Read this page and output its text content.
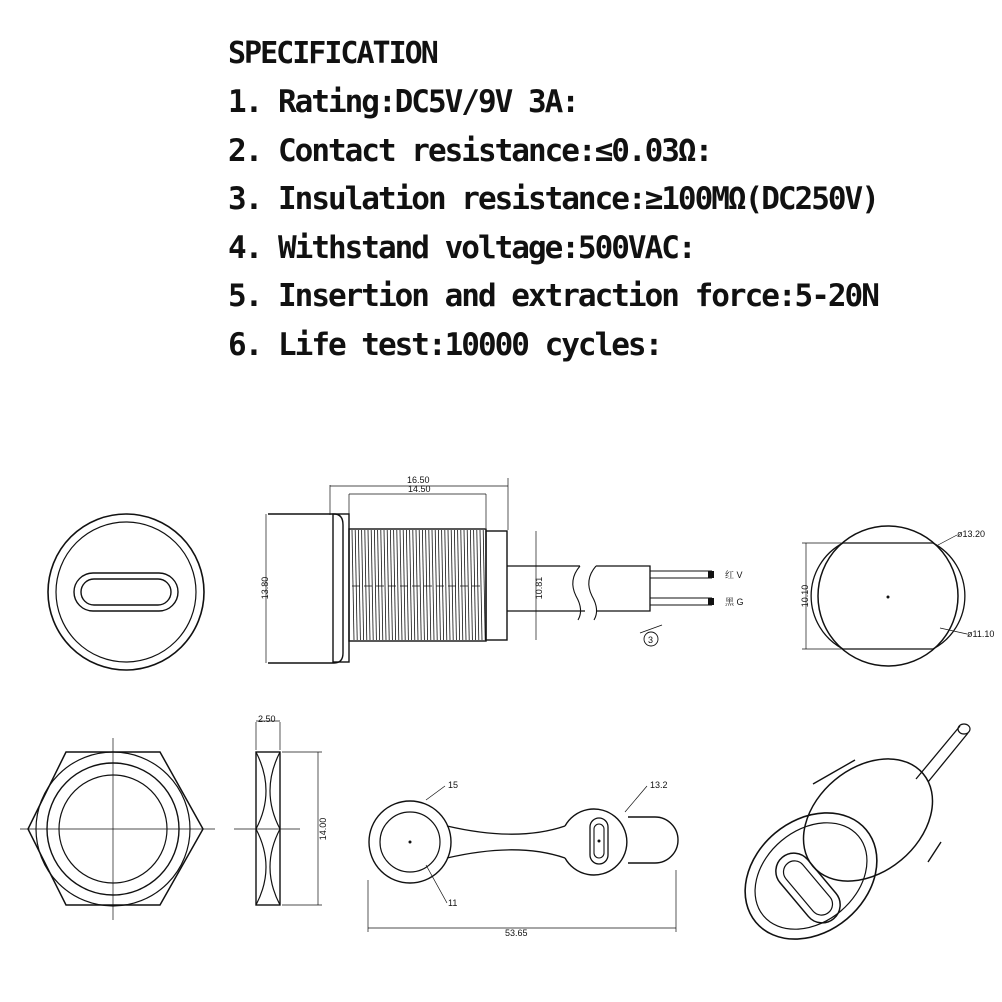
SPECIFICATION
1. Rating:DC5V/9V 3A:
2. Contact resistance:≤0.03Ω:
3. Insulation resistance:≥100MΩ(DC250V)
4. Withstand voltage:500VAC:
5. Insertion and extraction force:5-20N
6. Life test:10000 cycles:
16.50
14.50
13.80	10.81	10.10
ø13.20
ø11.10
2.50
14.00
53.65
15
11
13.2
红 V
黑 G
3
